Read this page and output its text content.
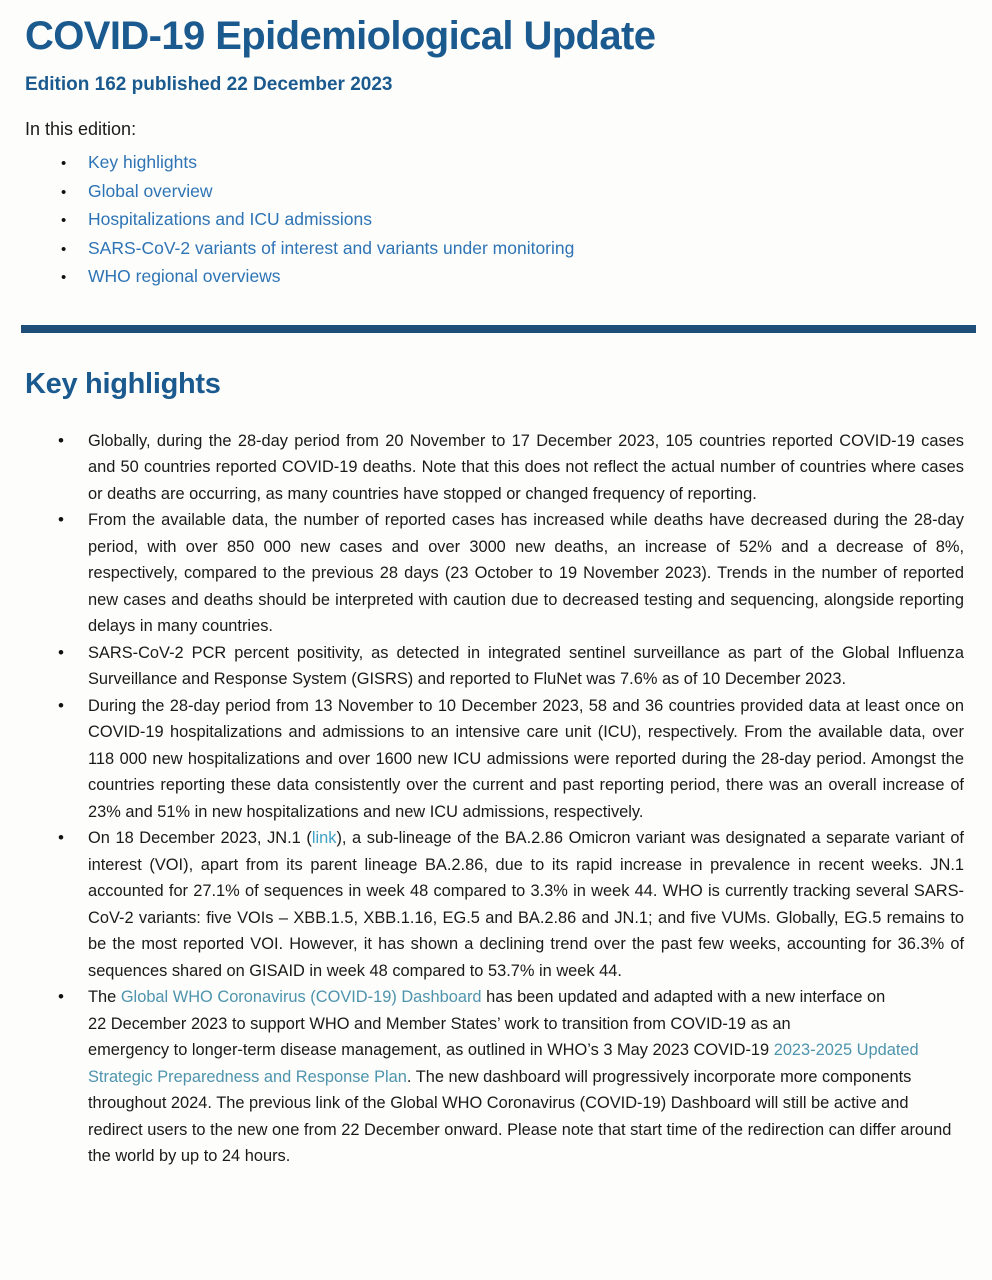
COVID-19 Epidemiological Update

Edition 162 published 22 December 2023

In this edition:

•	Key highlights
•	Global overview
•	Hospitalizations and ICU admissions
•	SARS-CoV-2 variants of interest and variants under monitoring
•	WHO regional overviews
Key highlights
•	Globally, during the 28-day period from 20 November to 17 December 2023, 105 countries reported COVID-19 cases and 50 countries reported COVID-19 deaths. Note that this does not reflect the actual number of countries where cases or deaths are occurring, as many countries have stopped or changed frequency of reporting.

•	From the available data, the number of reported cases has increased while deaths have decreased during the 28-day period, with over 850 000 new cases and over 3000 new deaths, an increase of 52% and a decrease of 8%, respectively, compared to the previous 28 days (23 October to 19 November 2023). Trends in the number of reported new cases and deaths should be interpreted with caution due to decreased testing and sequencing, alongside reporting delays in many countries.

•	SARS-CoV-2 PCR percent positivity, as detected in integrated sentinel surveillance as part of the Global Influenza Surveillance and Response System (GISRS) and reported to FluNet was 7.6% as of 10 December 2023.

•	During the 28-day period from 13 November to 10 December 2023, 58 and 36 countries provided data at least once on COVID-19 hospitalizations and admissions to an intensive care unit (ICU), respectively. From the available data, over 118 000 new hospitalizations and over 1600 new ICU admissions were reported during the 28-day period. Amongst the countries reporting these data consistently over the current and past reporting period, there was an overall increase of 23% and 51% in new hospitalizations and new ICU admissions, respectively.

•	On 18 December 2023, JN.1 (link), a sub-lineage of the BA.2.86 Omicron variant was designated a separate variant of interest (VOI), apart from its parent lineage BA.2.86, due to its rapid increase in prevalence in recent weeks. JN.1 accounted for 27.1% of sequences in week 48 compared to 3.3% in week 44. WHO is currently tracking several SARS-CoV-2 variants: five VOIs – XBB.1.5, XBB.1.16, EG.5 and BA.2.86 and JN.1; and five VUMs. Globally, EG.5 remains to be the most reported VOI. However, it has shown a declining trend over the past few weeks, accounting for 36.3% of sequences shared on GISAID in week 48 compared to 53.7% in week 44.

•	The Global WHO Coronavirus (COVID-19) Dashboard has been updated and adapted with a new interface on
22 December 2023 to support WHO and Member States’ work to transition from COVID-19 as an
emergency to longer-term disease management, as outlined in WHO’s 3 May 2023 COVID-19 2023-2025 Updated Strategic Preparedness and Response Plan. The new dashboard will progressively incorporate more components throughout 2024. The previous link of the Global WHO Coronavirus (COVID-19) Dashboard will still be active and redirect users to the new one from 22 December onward. Please note that start time of the redirection can differ around the world by up to 24 hours.
